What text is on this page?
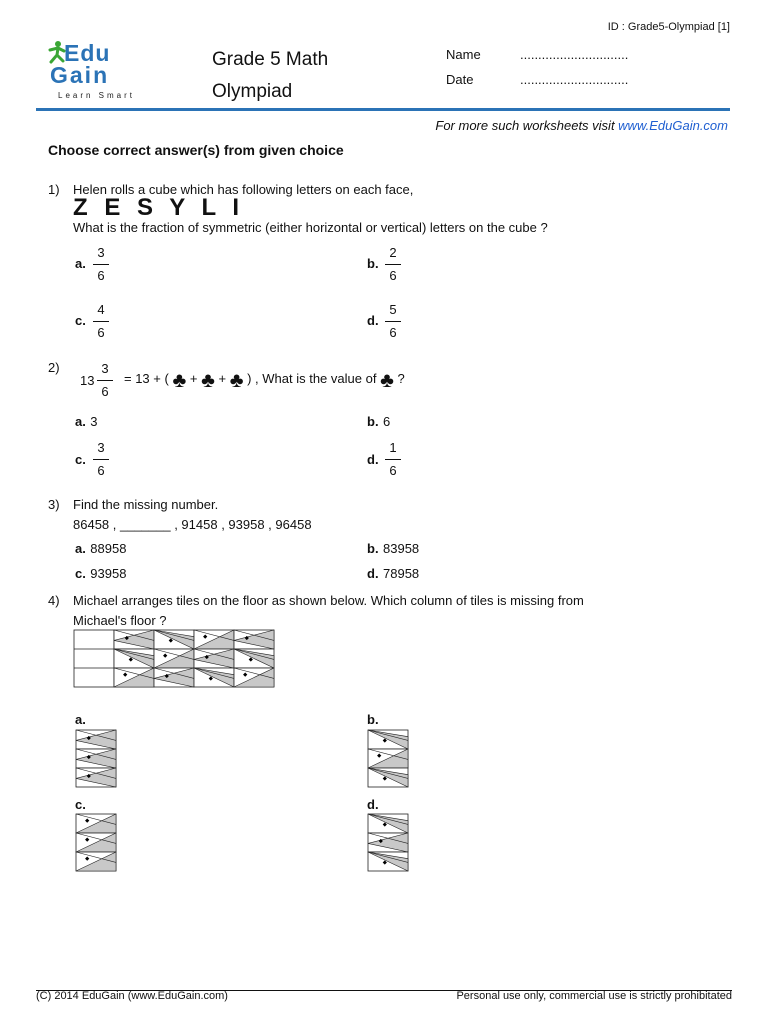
ID : Grade5-Olympiad [1]
Edu
Gain
Learn Smart
Grade 5 Math
Olympiad
Name	..............................
Date	..............................
For more such worksheets visit www.EduGain.com
Choose correct answer(s) from given choice
1) Helen rolls a cube which has following letters on each face,
Z E S Y L I
What is the fraction of symmetric (either horizontal or vertical) letters on the cube ?
a.
3
6
b.
2
6
c.
4
6
d.
5
6
2)
13
3
6
= 13 + ( ♣ + ♣ + ♣ ) , What is the value of ♣ ?
a. 3	b. 6
c.
3
6
d.
1
6
3) Find the missing number.
86458 , _______ , 91458 , 93958 , 96458
a. 88958	b. 83958
c. 93958	d. 78958
4) Michael arranges tiles on the floor as shown below. Which column of tiles is missing from
Michael's floor ?
a.	b.
c.	d.
(C) 2014 EduGain (www.EduGain.com)	Personal use only, commercial use is strictly prohibitated
